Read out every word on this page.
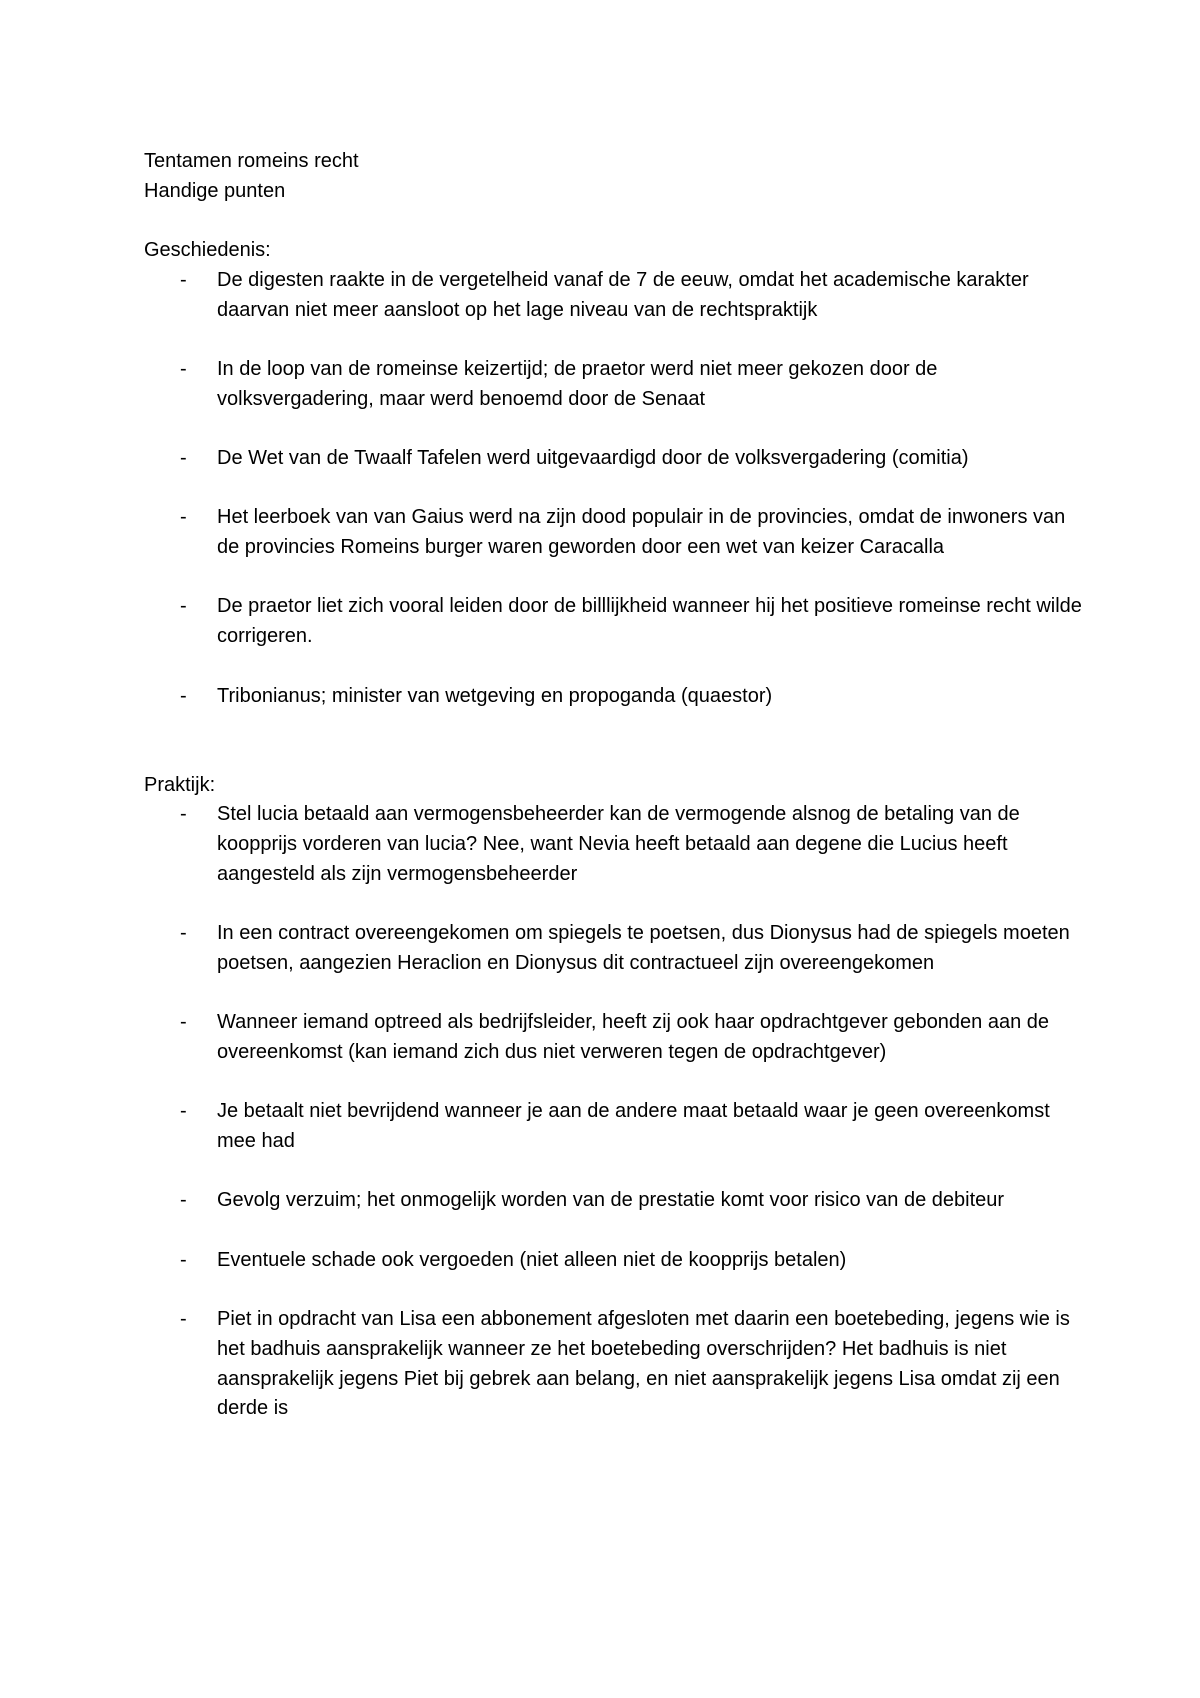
Tentamen romeins recht
Handige punten
Geschiedenis:
- De digesten raakte in de vergetelheid vanaf de 7 de eeuw, omdat het academische karakter daarvan niet meer aansloot op het lage niveau van de rechtspraktijk
- In de loop van de romeinse keizertijd; de praetor werd niet meer gekozen door de volksvergadering, maar werd benoemd door de Senaat
- De Wet van de Twaalf Tafelen werd uitgevaardigd door de volksvergadering (comitia)
- Het leerboek van van Gaius werd na zijn dood populair in de provincies, omdat de inwoners van de provincies Romeins burger waren geworden door een wet van keizer Caracalla
- De praetor liet zich vooral leiden door de billlijkheid wanneer hij het positieve romeinse recht wilde corrigeren.
- Tribonianus; minister van wetgeving en propoganda (quaestor)
Praktijk:
- Stel lucia betaald aan vermogensbeheerder kan de vermogende alsnog de betaling van de koopprijs vorderen van lucia? Nee, want Nevia heeft betaald aan degene die Lucius heeft aangesteld als zijn vermogensbeheerder
- In een contract overeengekomen om spiegels te poetsen, dus Dionysus had de spiegels moeten poetsen, aangezien Heraclion en Dionysus dit contractueel zijn overeengekomen
- Wanneer iemand optreed als bedrijfsleider, heeft zij ook haar opdrachtgever gebonden aan de overeenkomst (kan iemand zich dus niet verweren tegen de opdrachtgever)
- Je betaalt niet bevrijdend wanneer je aan de andere maat betaald waar je geen overeenkomst mee had
- Gevolg verzuim; het onmogelijk worden van de prestatie komt voor risico van de debiteur
- Eventuele schade ook vergoeden (niet alleen niet de koopprijs betalen)
- Piet in opdracht van Lisa een abbonement afgesloten met daarin een boetebeding, jegens wie is het badhuis aansprakelijk wanneer ze het boetebeding overschrijden? Het badhuis is niet aansprakelijk jegens Piet bij gebrek aan belang, en niet aansprakelijk jegens Lisa omdat zij een derde is
